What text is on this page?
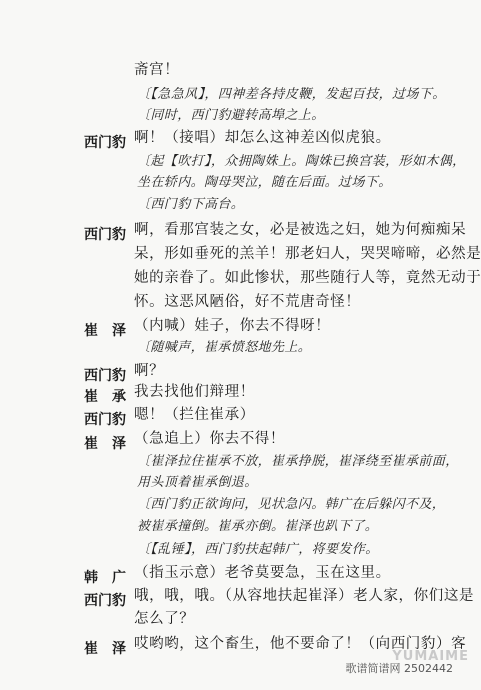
斋宫！
〔【急急风】，四神差各持皮鞭，发起百技，过场下。
〔同时，西门豹避转高埠之上。
西门豹 啊！（接唱）却怎么这神差凶似虎狼。
〔起【吹打】，众拥陶姝上。陶姝已换宫装，形如木偶，
坐在轿内。陶母哭泣，随在后面。过场下。
〔西门豹下高台。
西门豹 啊，看那宫装之女，必是被选之妇，她为何痴痴呆
呆，形如垂死的羔羊！那老妇人，哭哭啼啼，必然是
她的亲眷了。如此惨状，那些随行人等，竟然无动于
怀。这恶风陋俗，好不荒唐奇怪！
崔　泽 （内喊）娃子，你去不得呀！
〔随喊声，崔承愤怒地先上。
西门豹 啊？
崔　承 我去找他们辩理！
西门豹 嗯！（拦住崔承）
崔　泽 （急追上）你去不得！
〔崔泽拉住崔承不放，崔承挣脱，崔泽绕至崔承前面，
用头顶着崔承倒退。
〔西门豹正欲询问，见状急闪。韩广在后躲闪不及，
被崔承撞倒。崔承亦倒。崔泽也趴下了。
〔【乱锤】，西门豹扶起韩广，将要发作。
韩　广 （指玉示意）老爷莫要急，玉在这里。
西门豹 哦，哦，哦。（从容地扶起崔泽）老人家，你们这是
怎么了？
崔　泽 哎哟哟，这个畜生，他不要命了！（向西门豹）客
YUMAIME
歌谱简谱网 2502442
